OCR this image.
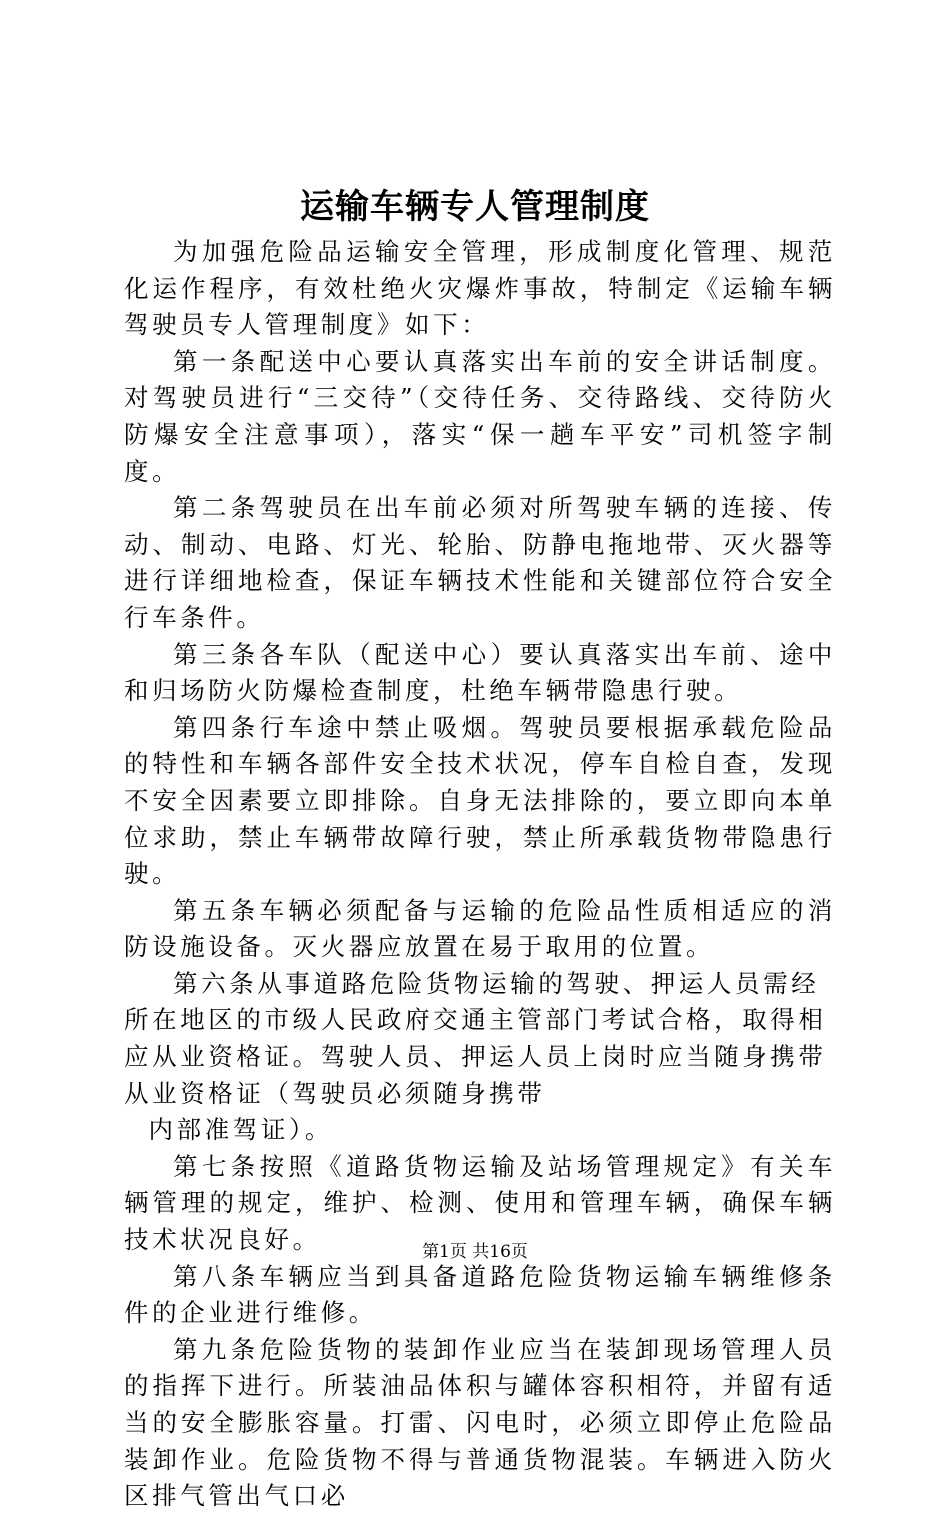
运输车辆专人管理制度

为加强危险品运输安全管理，形成制度化管理、规范化运作程序，有效杜绝火灾爆炸事故，特制定《运输车辆驾驶员专人管理制度》如下：

第一条配送中心要认真落实出车前的安全讲话制度。对驾驶员进行“三交待”（交待任务、交待路线、交待防火防爆安全注意事项），落实“保一趟车平安”司机签字制度。

第二条驾驶员在出车前必须对所驾驶车辆的连接、传动、制动、电路、灯光、轮胎、防静电拖地带、灭火器等进行详细地检查，保证车辆技术性能和关键部位符合安全行车条件。

第三条各车队（配送中心）要认真落实出车前、途中和归场防火防爆检查制度，杜绝车辆带隐患行驶。

第四条行车途中禁止吸烟。驾驶员要根据承载危险品的特性和车辆各部件安全技术状况，停车自检自查，发现不安全因素要立即排除。自身无法排除的，要立即向本单位求助，禁止车辆带故障行驶，禁止所承载货物带隐患行驶。

第五条车辆必须配备与运输的危险品性质相适应的消防设施设备。灭火器应放置在易于取用的位置。

第六条从事道路危险货物运输的驾驶、押运人员需经所在地区的市级人民政府交通主管部门考试合格，取得相应从业资格证。驾驶人员、押运人员上岗时应当随身携带从业资格证（驾驶员必须随身携带

内部准驾证）。

第七条按照《道路货物运输及站场管理规定》有关车辆管理的规定，维护、检测、使用和管理车辆，确保车辆技术状况良好。

第八条车辆应当到具备道路危险货物运输车辆维修条件的企业进行维修。

第九条危险货物的装卸作业应当在装卸现场管理人员的指挥下进行。所装油品体积与罐体容积相符，并留有适当的安全膨胀容量。打雷、闪电时，必须立即停止危险品装卸作业。危险货物不得与普通货物混装。车辆进入防火区排气管出气口必

第1页 共16页
